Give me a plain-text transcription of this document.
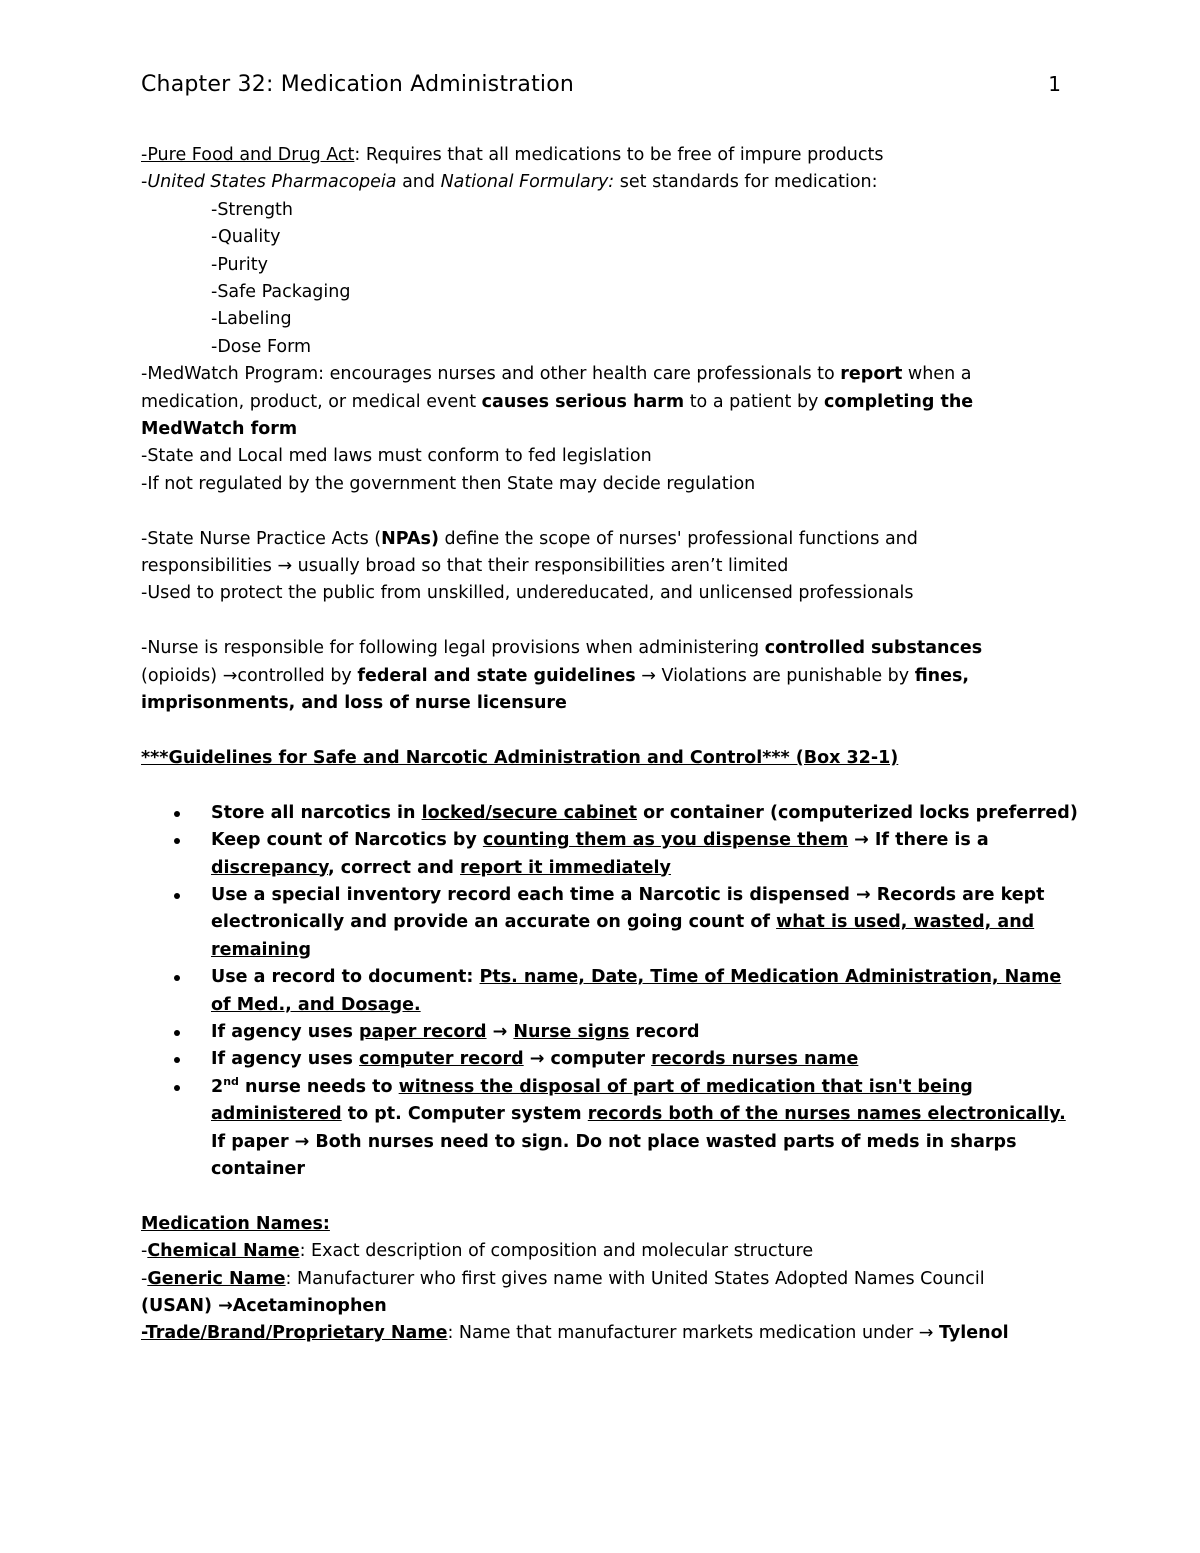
Chapter 32: Medication Administration	1
-Pure Food and Drug Act: Requires that all medications to be free of impure products
-United States Pharmacopeia and National Formulary: set standards for medication:
-Strength
-Quality
-Purity
-Safe Packaging
-Labeling
-Dose Form
-MedWatch Program: encourages nurses and other health care professionals to report when a
medication, product, or medical event causes serious harm to a patient by completing the
MedWatch form
-State and Local med laws must conform to fed legislation
-If not regulated by the government then State may decide regulation
-State Nurse Practice Acts (NPAs) define the scope of nurses' professional functions and
responsibilities → usually broad so that their responsibilities aren’t limited
-Used to protect the public from unskilled, undereducated, and unlicensed professionals
-Nurse is responsible for following legal provisions when administering controlled substances
(opioids) →controlled by federal and state guidelines → Violations are punishable by fines,
imprisonments, and loss of nurse licensure
***Guidelines for Safe and Narcotic Administration and Control*** (Box 32-1)
Store all narcotics in locked/secure cabinet or container (computerized locks preferred)
Keep count of Narcotics by counting them as you dispense them → If there is a
discrepancy, correct and report it immediately
Use a special inventory record each time a Narcotic is dispensed → Records are kept
electronically and provide an accurate on going count of what is used, wasted, and
remaining
Use a record to document: Pts. name, Date, Time of Medication Administration, Name
of Med., and Dosage.
If agency uses paper record → Nurse signs record
If agency uses computer record → computer records nurses name
2nd nurse needs to witness the disposal of part of medication that isn't being
administered to pt. Computer system records both of the nurses names electronically.
If paper → Both nurses need to sign. Do not place wasted parts of meds in sharps
container
Medication Names:
-Chemical Name: Exact description of composition and molecular structure
-Generic Name: Manufacturer who first gives name with United States Adopted Names Council
(USAN) →Acetaminophen
-Trade/Brand/Proprietary Name: Name that manufacturer markets medication under → Tylenol
